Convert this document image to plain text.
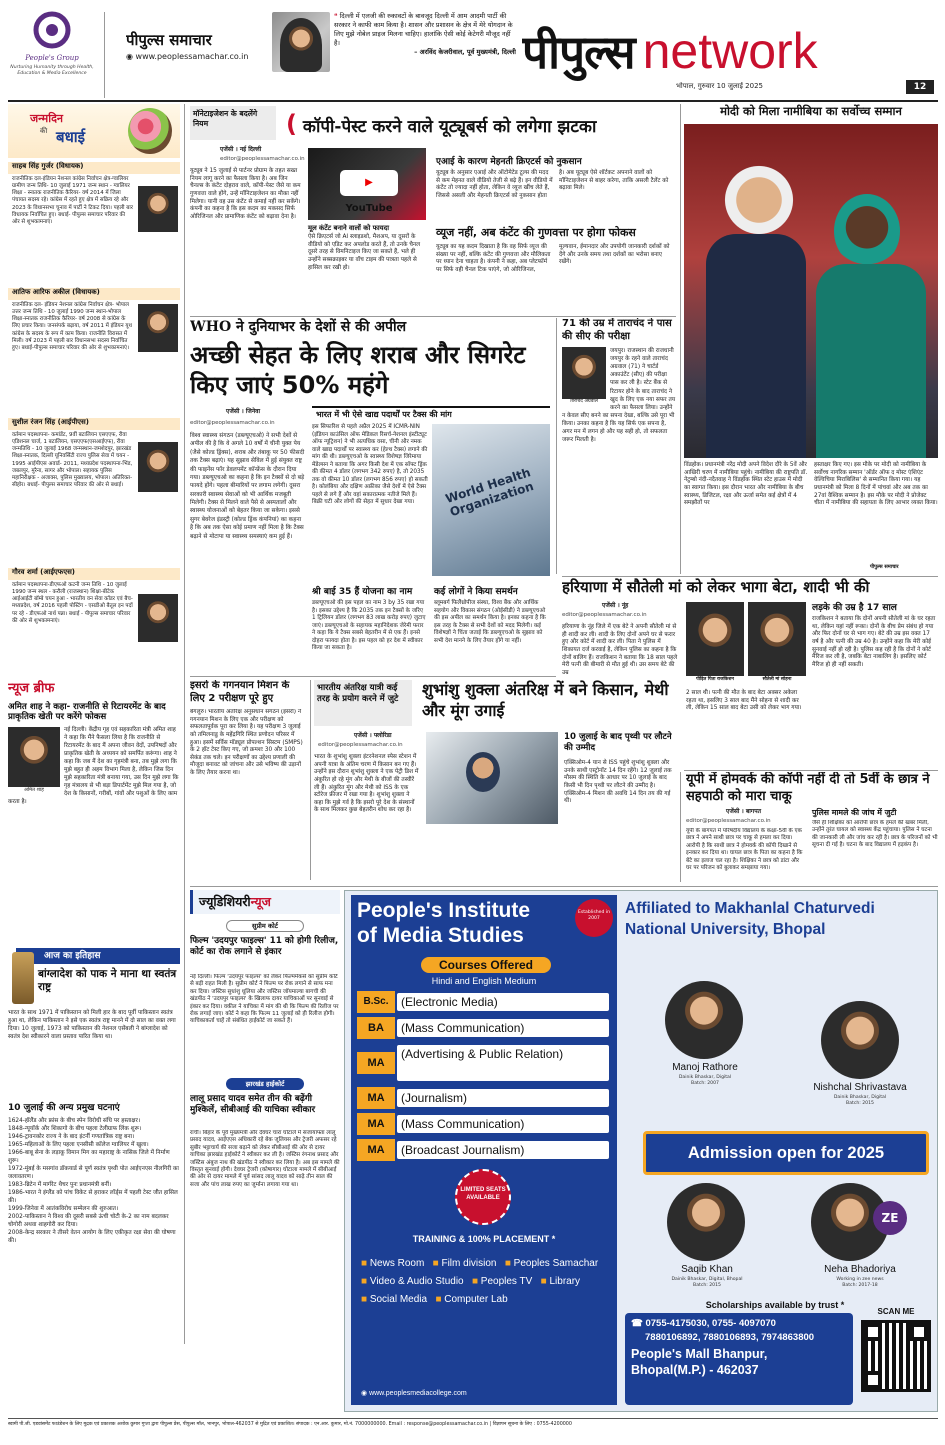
People's Group
Nurturing Humanity through Health, Education & Media Excellence
पीपुल्स समाचार
◉ www.peoplessamachar.co.in
❝ दिल्ली में एलजी की रुकावटों के बावजूद दिल्ली में आम आदमी पार्टी की सरकार ने काफी काम किया है। शासन और प्रशासन के क्षेत्र में मेरे योगदान के लिए मुझे नोबेल प्राइज मिलना चाहिए। हालांकि ऐसी कोई केटेगरी मौजूद नहीं है।
– अरविंद केजरीवाल, पूर्व मुख्यमंत्री, दिल्ली पीपुल्स network
भोपाल, गुरुवार 10 जुलाई 2025	12
जन्मदिन
की बधाई
साहब सिंह गुर्जर (विधायक)
राजनीतिक दल-इंडियन नेशनल कांग्रेस निर्वाचन क्षेत्र-ग्वालियर ग्रामीण जन्म तिथि- 10 जुलाई 1971 जन्म स्थान - ग्वालियर शिक्षा - स्नातक राजनीतिक कैरियर- वर्ष 2014 में जिला पंचायत सदस्य रहे। कांग्रेस में रहते हुए क्षेत्र में सक्रिय रहे और 2023 के विधानसभा चुनाव में पार्टी ने टिकट दिया। पहली बार विधायक निर्वाचित हुए। बधाई- पीपुल्स समाचार परिवार की ओर से शुभकामनाएं।
आतिफ आरिफ अकील (विधायक)
राजनीतिक दल- इंडियन नेशनल कांग्रेस निर्वाचन क्षेत्र- भोपाल उत्तर जन्म तिथि - 10 जुलाई 1990 जन्म स्थान-भोपाल शिक्षा-स्नातक राजनीतिक कैरियर- वर्ष 2008 से कांग्रेस के लिए प्रचार किया। जनसंपर्क बढ़ाया, वर्ष 2011 में इंडियन यूथ कांग्रेस के सदस्य के रूप में काम किया। राजनीति विरासत में मिली। वर्ष 2023 में पहली बार विधानसभा सदस्य निर्वाचित हुए। बधाई-पीपुल्स समाचार परिवार की ओर से शुभकामनाएं।
सुशील रंजन सिंह (आईपीएस)
वर्तमान पदस्थापना- कमांडेंट, 9वीं बटालियन एसएएफ, रीवा एडिशनल चार्ज, 1 बटालियन, एसएएफ(एसआईएफ), रीवा जन्मतिथि - 10 जुलाई 1968 जन्मस्थान-जमशेदपुर, झारखंड शिक्षा-स्नातक, दिल्ली यूनिवर्सिटी राज्य पुलिस सेवा में चयन - 1995 आईपीएस अवार्ड- 2011, मध्यप्रदेश पदस्थापना-भिंड, जबलपुर, मुरैना, सागर और भोपाल। सहायक पुलिस महानिरीक्षक - अजाक्स, पुलिस मुख्यालय, भोपाल। अतिरिक्त-सीहोर। बधाई- पीपुल्स समाचार परिवार की ओर से बधाई।
गौरव शर्मा (आईएफएस)
वर्तमान पदस्थापना-डीएफओ कटनी जन्म तिथि - 10 जुलाई 1990 जन्म स्थल - करौली (राजस्थान) शिक्षा-बीटेक आईआईटी बॉम्बे चयन हुआ - भारतीय वन सेवा कॉडर एवं बैच-मध्यप्रदेश, वर्ष 2016 पहली पोस्टिंग - एसडीओ बैतूल इन पदों पर रहे - डीएफओ नार्थ पन्ना। बधाई - पीपुल्स समाचार परिवार की ओर से शुभकामनाएं।
न्यूज ब्रीफ
अमित शाह ने कहा- राजनीति से रिटायरमेंट के बाद प्राकृतिक खेती पर करेंगे फोकस
अमित शाह
नई दिल्ली। केंद्रीय गृह एवं सहकारिता मंत्री अमित शाह ने कहा कि मैंने फैसला लिया है कि राजनीति से रिटायरमेंट के बाद मैं अपना जीवन वेदों, उपनिषदों और प्राकृतिक खेती के अध्ययन को समर्पित करूंगा। शाह ने कहा कि जब मैं देश का गृहमंत्री बना, तब मुझे लगा कि मुझे बहुत ही अहम विभाग मिला है, लेकिन जिस दिन मुझे सहकारिता मंत्री बनाया गया, उस दिन मुझे लगा कि गृह मंत्रालय से भी बड़ा डिपार्टमेंट मुझे मिल गया है, जो देश के किसानों, गरीबों, गांवों और पशुओं के लिए काम करता है।
आज का इतिहास
बांग्लादेश को पाक ने माना था स्वतंत्र राष्ट्र
भारत के साथ 1971 में पाकिस्तान को मिली हार के बाद पूर्वी पाकिस्तान स्वतंत्र हुआ था, लेकिन पाकिस्तान ने इसे एक स्वतंत्र राष्ट्र मानने में दो साल का वक्त लगा दिया। 10 जुलाई, 1973 को पाकिस्तान की नेशनल एसेंबली ने बांग्लादेश को स्वतंत्र देश स्वीकारने वाला प्रस्ताव पारित किया था।
10 जुलाई की अन्य प्रमुख घटनाएं
1624-हॉलैंड और फ्रांस के बीच स्पेन विरोधी संधि पर हस्ताक्षर।
1848-न्यूयॉर्क और शिकागो के बीच पहला टेलीग्राफ लिंक शुरू।
1946-ट्रावनकोर राज्य ने के बाद इंटर्नी गणतांत्रिक राष्ट्र बना।
1965-महिलाओं के लिए पहला एनसीसी कॉलेज ग्वालियर में खुला।
1966-बाबू सेना के लड़ाकू विमान मिग का महाराष्ट्र के नासिक जिले में निर्माण शुरू।
1972-मुंबई के मसगांव डॉकयार्ड से पूर्ण स्वतंत्र पृथ्वी पोत आईएनएस नीलगिरी का जलावतरण।
1983-ब्रिटेन में मार्गरेट थैचर पुनः प्रधानमंत्री बनीं।
1986-भारत ने इंग्लैंड को पांच विकेट से हराकर लॉर्ड्स में पहली टेस्ट जीत हासिल की।
1999-जिनेवा में आतंकविरोध सम्मेलन की शुरुआत।
2002-पाकिस्तान ने विश्व की दूसरी सबसे ऊंची चोटी के-2 का नाम बदलकर चोगोरी अथवा शाहगोरी कर दिया।
2008-केन्द्र सरकार ने तीसरे वेतन आयोग के लिए एकीकृत रक्षा सेवा की घोषणा की।
मॉनेटाइजेशन के बदलेंगे नियम	( कॉपी-पेस्ट करने वाले यूट्यूबर्स को लगेगा झटका
एजेंसी । नई दिल्ली
editor@peoplessamachar.co.in
यूट्यूब ने 15 जुलाई से पार्टनर प्रोग्राम के तहत सख्त नियम लागू करने का फैसला किया है। अब जिन चैनल्स के कंटेंट दोहराव वाले, कॉपी-पेस्ट जैसे या कम गुणवत्ता वाले होंगे, उन्हें मॉनिटाइजेशन का मौका नहीं मिलेगा। यानी वह उस कंटेंट से कमाई नहीं कर सकेंगे। कंपनी का कहना है कि इस कदम का मकसद सिर्फ ओरिजिनल और प्रामाणिक कंटेंट को बढ़ावा देना है।
▶ YouTube
मूल कंटेंट बनाने वालों को फायदा
ऐसे क्रिएटर्स जो AI स्लाइडशो, मैशअप, या दूसरों के वीडियो को एडिट कर अपलोड करते हैं, तो उनके चैनल दूसरे तरह से विमनिटाइज किए जा सकते हैं, भले ही उन्होंने सब्सक्राइबर या वॉच टाइम की पात्रता पहले से हासिल कर रखी हो।
एआई के कारण मेहनती क्रिएटर्स को नुकसान
यूट्यूब के अनुसार एआई और ऑटोमेटेड टूल्स की मदद से कम मेहनत वाले वीडियो तेजी से बढ़े हैं। इन वीडियो में कंटेंट तो ज्यादा नहीं होता, लेकिन वे व्यूज खींच लेते हैं, जिससे असली और मेहनती क्रिएटर्स को नुकसान होता है। अब यूट्यूब ऐसे शॉर्टकट अपनाने वालों को मॉनिटाइजेशन से बाहर करेगा, ताकि असली टैलेंट को बढ़ावा मिले।
व्यूज नहीं, अब कंटेंट की गुणवत्ता पर होगा फोकस
यूट्यूब का यह कदम दिखाता है कि वह सिर्फ व्यूज की संख्या पर नहीं, बल्कि कंटेंट की गुणवत्ता और मौलिकता पर ध्यान देना चाहता है। कंपनी ने कहा, अब प्लेटफॉर्म पर सिर्फ वही चैनल टिक पाएंगे, जो ओरिजिनल, मूल्यवान, ईमानदार और उपयोगी जानकारी दर्शकों को देंगे और उनके समय तथा दर्शकों का भरोसा बनाए रखेंगे।
WHO ने दुनियाभर के देशों से की अपील
अच्छी सेहत के लिए शराब और सिगरेट किए जाएं 50% महंगे
एजेंसी । जिनेवा
editor@peoplessamachar.co.in
विश्व स्वास्थ्य संगठन (डब्ल्यूएचओ) ने सभी देशों से अपील की है कि वे अगले 10 वर्षों में चीनी युक्त पेय (जैसे कोल्ड ड्रिंक्स), शराब और तंबाकू पर 50 फीसदी तक टैक्स बढ़ाएं। यह सुझाव सेविल में हुई संयुक्त राष्ट्र की फाइनेंस फॉर डेवलपमेंट कॉन्फ्रेंस के दौरान दिया गया। डब्ल्यूएचओ का कहना है कि इन टैक्सों से दो बड़े फायदे होंगे। पहला बीमारियों पर लगाम लगेगी। दूसरा सरकारी स्वास्थ्य सेवाओं को भी आर्थिक मजबूती मिलेगी। टैक्स से मिलने वाले पैसे से अस्पतालों और स्वास्थ्य योजनाओं को बेहतर किया जा सकेगा। इससे सुगर बेवरेज इंडस्ट्री (कोल्ड ड्रिंक कंपनियां) का कहना है कि अब तक ऐसा कोई प्रमाण नहीं मिला है कि टैक्स बढ़ाने से मोटापा या स्वास्थ्य समस्याएं कम हुई हैं।
भारत में भी ऐसे खाद्य पदार्थों पर टैक्स की मांग
इस सिफारिश से पहले अप्रैल 2025 में ICMR-NIN (इंडियन काउंसिल ऑफ मेडिकल रिसर्च-नेशनल इंस्टीट्यूट ऑफ न्यूट्रिशन) ने भी अत्यधिक वसा, चीनी और नमक वाले खाद्य पदार्थों पर स्वास्थ्य कर (हेल्थ टैक्स) लगाने की मांग की थी। डब्ल्यूएचओ के स्वास्थ्य विशेषज्ञ जिरेमाया मेंडेल्सन ने बताया कि अगर किसी देश में एक सॉफ्ट ड्रिंक की कीमत 4 डॉलर (लगभग 342 रुपए) है, तो 2035 तक वो कीमत 10 डॉलर (लगभग 856 रुपए) हो सकती है। कोलंबिया और दक्षिण अफ्रीका जैसे देशों में ऐसे टैक्स पहले से लगे हैं और वहां सकारात्मक नतीजे मिले हैं। बिक्री घटी और लोगों की सेहत में सुधार देखा गया।	World Health Organization
श्री बाई 35 हैं योजना का नाम
डब्ल्यूएचओ की इस पहल का नाम 3 by 35 रखा गया है। इसका उद्देश्य है कि 2035 तक इन टैक्सों के जरिए 1 ट्रिलियन डॉलर (लगभग 83 लाख करोड़ रुपए) जुटाए जाएं। डब्ल्यूएचओ के सहायक महानिदेशक जेरेमी फरार ने कहा कि ये टैक्स सबसे बेहतरीन में से एक हैं। इनसे दोहरा फायदा होता है। इस पहल को हर देश में स्वीकार किया जा सकता है।
कई लोगों ने किया समर्थन
ब्लूमबर्ग फिलैंथ्रोपीज संस्था, विश्व बैंक और आर्थिक सहयोग और विकास संगठन (ओईसीडी) ने डब्ल्यूएचओ की इस अपील का समर्थन किया है। इनका कहना है कि इस तरह के टैक्स से सभी देशों को मदद मिलेगी। कई विशेषज्ञों ने चिंता जताई कि डब्ल्यूएचओ के सुझाव को सभी देश मानने के लिए तैयार होंगे या नहीं।
71 की उम्र में ताराचंद ने पास की सीए की परीक्षा
ताराचंद अग्रवाल
जयपुर। राजस्थान की राजधानी जयपुर के रहने वाले ताराचंद अग्रवाल (71) ने चार्टर्ड अकाउंटेंट (सीए) की परीक्षा पास कर ली है। स्टेट बैंक से रिटायर होने के बाद ताराचंद ने खुद के लिए एक नया सफर तय करने का फैसला लिया। उन्होंने न केवल सीए बनने का सपना देखा, बल्कि उसे पूरा भी किया। उनका कहना है कि यह सिर्फ एक सपना है, अगर मन में लगन हो और यह सही हो, तो सफलता जरूर मिलती है।
मोदी को मिला नामीबिया का सर्वोच्च सम्मान
विंडहोक। प्रधानमंत्री नरेंद्र मोदी अपने विदेश दौरे के 5वें और आखिरी चरण में नामीबिया पहुंचे। नामीबिया की राष्ट्रपति डॉ. नेटुम्बो नंदी-नदैतवाह ने विंडहोक स्थित स्टेट हाउस में मोदी का स्वागत किया। इस दौरान भारत और नामीबिया के बीच स्वास्थ्य, डिजिटल, रक्षा और ऊर्जा समेत कई क्षेत्रों में 4 समझौतों पर
हस्ताक्षर किए गए। इस मौके पर मोदी को नामीबिया के सर्वोच्च नागरिक सम्मान 'ऑर्डर ऑफ द मोस्ट एंशिएंट वेल्विचिया मिराबिलिस' से सम्मानित किया गया। यह प्रधानमंत्री को मिला 8 दिनों में पांचवां और अब तक का 27वां वैश्विक सम्मान है। इस मौके पर मोदी ने प्रोजेक्ट चीता में नामीबिया की सहायता के लिए आभार व्यक्त किया।
पीपुल्स समाचार
हरियाणा में सौतेली मां को लेकर भागा बेटा, शादी भी की
एजेंसी । नूंह
editor@peoplessamachar.co.in
हरियाणा के नूंह जिले में एक बेटे ने अपनी सौतेली मां से ही शादी कर ली। शादी के लिए दोनों अपने घर से फरार हुए और कोर्ट में शादी कर ली। पिता ने पुलिस में शिकायत दर्ज करवाई है, लेकिन पुलिस का कहना है कि दोनों बालिग हैं। राजकिशन ने बताया कि 18 साल पहले मेरी पत्नी की बीमारी से मौत हुई थी। उस समय बेटे की उम्र
पीड़ित पिता राजकिशन	सौतेली मां सोहना
2 साल थी। पत्नी की मौत के बाद बेटा अक्सर अकेला रहता था, इसलिए 3 साल बाद मैंने सोहना से शादी कर ली, लेकिन 15 साल बाद बेटा उसी को लेकर भाग गया।
लड़के की उम्र है 17 साल
राजकिशन ने बताया कि दोनों अपनी सौतेली मां के घर रहता था, लेकिन यहां नहीं रूका। दोनों के बीच प्रेम संबंध हो गया और फिर दोनों घर से भाग गए। बेटे की उम्र इस वक्त 17 वर्ष है और पत्नी की उम्र 40 है। उन्होंने कहा कि मेरी कोई सुनवाई नहीं हो रही है। पुलिस कह रही है कि दोनों ने कोर्ट मैरिज कर ली है, जबकि बेटा नाबालिग है। इसलिए कोर्ट मैरिज हो ही नहीं सकती।
इसरो के गगनयान मिशन के लिए 2 परीक्षण पूरे हुए
बेंगलुरु। भारतीय अंतरिक्ष अनुसंधान संगठन (इसरो) ने गगनयान मिशन के लिए एक और परीक्षण को सफलतापूर्वक पूरा कर लिया है। यह परीक्षण 3 जुलाई को तमिलनाडु के महेंद्रगिरि स्थित प्रणोदन परिसर में हुआ। इसमें सर्विस मॉड्यूल प्रोपल्शन सिस्टम (SMPS) के 2 हॉट टेस्ट किए गए, जो क्रमशः 30 और 100 सेकंड तक चले। इन परीक्षणों का उद्देश्य प्रणाली की मौजूदा बनावट को जांचना और उसे भविष्य की उड़ानों के लिए तैयार करना था।
भारतीय अंतरिक्ष यात्री कई तरह के प्रयोग करने में जुटे	शुभांशु शुक्ला अंतरिक्ष में बने किसान, मेथी और मूंग उगाई
एजेंसी । फ्लोरिडा
editor@peoplessamachar.co.in
भारत के शुभांशु शुक्ला इंटरनेशनल स्पेस स्टेशन में अपनी यात्रा के अंतिम चरण में किसान बन गए हैं। उन्होंने इस दौरान शुभांशु शुक्ला ने एक पेट्री डिश में अंकुरित हो रहे मूंग और मेथी के बीजों की तस्वीरें ली हैं। अंकुरित मूंग और मेथी को ISS के एक स्टोरेज फ्रीजर में रखा गया है। शुभांशु शुक्ला ने कहा कि मुझे गर्व है कि इसरो पूरे देश के संस्थानों के साथ मिलकर कुछ बेहतरीन शोध कर रहा है।
10 जुलाई के बाद पृथ्वी पर लौटने की उम्मीद
एक्सिओम-4 यान से ISS पहुंचे शुभांशु शुक्ला और उनके साथी एस्ट्रोनॉट 14 दिन रहेंगे। 12 जुलाई तक मौसम की स्थिति के आधार पर 10 जुलाई के बाद किसी भी दिन पृथ्वी पर लौटने की उम्मीद है। एक्सिओम-4 मिशन की अवधि 14 दिन तय की गई थी।
यूपी में होमवर्क की कॉपी नहीं दी तो 5वीं के छात्र ने सहपाठी को मारा चाकू
एजेंसी । बागपत
editor@peoplessamachar.co.in
यूपी के बागपत में परिषदीय विद्यालय के कक्षा-5वीं के एक छात्र ने अपने साथी छात्र पर चाकू से हमला कर दिया। आरोपी है कि साथी छात्र ने होमवर्क की कॉपी दिखाने से इनकार कर दिया था। घायल छात्र के पिता का कहना है कि बेटे का इलाज चल रहा है। शिक्षिका ने छात्र को डांटा और घर पर परिजन को बुलाकर समझाया गया।
पुलिस मामले की जांच में जुटी
जैसे ही शिक्षिका को आरोपी छात्र के हमले की खबर मिली, उन्होंने तुरंत घायल को स्वास्थ्य केंद्र पहुंचाया। पुलिस ने घटना की जानकारी ली और जांच कर रही है। छात्र के परिजनों को भी सूचना दी गई है। घटना के बाद विद्यालय में हड़कंप है।
ज्यूडिशियरीन्यूज
सुप्रीम कोर्ट
फिल्म 'उदयपुर फाइल्स' 11 को होगी रिलीज, कोर्ट का रोक लगाने से इंकार
नई दिल्ली। फिल्म 'उदयपुर फाइल्स' को लेकर फिल्ममेकर्स को सुप्रीम कोर्ट से बड़ी राहत मिली है। सुप्रीम कोर्ट ने फिल्म पर रोक लगाने से साफ मना कर दिया। जस्टिस सुधांशु धूलिया और जस्टिस जॉयमाल्या बागची की खंडपीठ ने 'उदयपुर फाइल्स' के खिलाफ दायर याचिकाओं पर सुनवाई से इंकार कर दिया। वकील ने याचिका में मांग की थी कि फिल्म की रिलीज पर रोक लगाई जाए। कोर्ट ने कहा कि फिल्म 11 जुलाई को ही रिलीज होगी। याचिकाकर्ता चाहें तो संबंधित हाईकोर्ट जा सकते हैं।
झारखंड हाईकोर्ट
लालू प्रसाद यादव समेत तीन की बढ़ेंगी मुश्किलें, सीबीआई की याचिका स्वीकार
रांची। बिहार के पूर्व मुख्यमंत्री और देवघर चारा घोटाले में सजायाफ्ता लालू प्रसाद यादव, आईएएस अधिकारी रहे बेक जूलियस और ट्रेजरी अफसर रहे सुबीर भट्टाचार्य की सजा बढ़ाने को लेकर सीबीआई की ओर से दायर याचिका झारखंड हाईकोर्ट ने स्वीकार कर ली है। जस्टिस रंगनाथ प्रसाद और जस्टिस अंबुज नाथ की खंडपीठ ने स्वीकार कर लिया है। अब इस मामले की विस्तृत सुनवाई होगी। देवघर ट्रेजरी (कोषागार) घोटाला मामले में सीबीआई की ओर से दायर मामले में पूर्व सांसद लालू यादव को साढ़े तीन साल की सजा और पांच लाख रुपए का जुर्माना लगाया गया था।
People's Institute
of Media Studies
Established in 2007
Courses Offered
Hindi and English Medium
B.Sc.	(Electronic Media)
BA	(Mass Communication)
MA
(Advertising & Public Relation)
MA	(Journalism)
MA	(Mass Communication)
MA	(Broadcast Journalism)
LIMITED SEATS AVAILABLE
TRAINING & 100% PLACEMENT *
■ News Room ■ Film division ■ Peoples Samachar
■ Video & Audio Studio ■ Peoples TV ■ Library
■ Social Media ■ Computer Lab
◉ www.peoplesmediacollege.com
Affiliated to Makhanlal Chaturvedi
National University, Bhopal
Manoj Rathore
Dainik Bhaskar, Digital
Batch: 2007	Nishchal Shrivastava
Dainik Bhaskar, Digital
Batch: 2015
Admission open for 2025
Saqib Khan
Dainik Bhaskar, Digital, Bhopal
Batch: 2015
ZE
Neha Bhadoriya
Working in zee news
Batch: 2017-18
Scholarships available by trust *
☎ 0755-4175030, 0755- 4097070
7880106892, 7880106893, 7974863800
People's Mall Bhanpur,
Bhopal(M.P.) - 462037
SCAN ME
स्वामी पी.जी. एडवांसमेंट फाउंडेशन के लिए मुद्रक एवं प्रकाशक अशोक कुमार गुप्ता द्वारा पीपुल्स प्रेस, पीपुल्स मॉल, भानपुर, भोपाल-462037 से मुद्रित एवं प्रकाशित। संपादक : एन.आर. कुमार, मो.नं. 7000000000. Email : response@peoplessamachar.co.in | विज्ञापन सूचना के लिए : 0755-4200000
